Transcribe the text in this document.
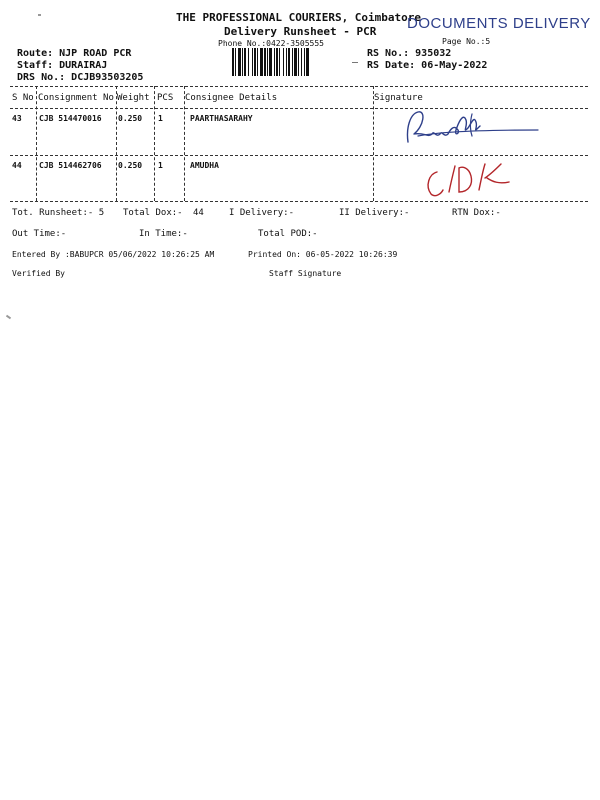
THE PROFESSIONAL COURIERS, Coimbatore
Delivery Runsheet - PCR
Phone No.:0422-3505555
DOCUMENTS DELIVERY
Page No.:5
Route: NJP ROAD PCR
Staff: DURAIRAJ
DRS No.: DCJB93503205
RS No.: 935032
RS Date: 06-May-2022
S No Consignment No Weight PCS Consignee Details	Signature
43 CJB 514470016 0.250 1	PAARTHASARAHY
44 CJB 514462706 0.250 1	AMUDHA
Tot. Runsheet:- 5 Total Dox:- 44	I Delivery:-	II Delivery:-	RTN Dox:-
Out Time:-	In Time:-	Total POD:-
Entered By :BABUPCR 05/06/2022 10:26:25 AM	Printed On: 06-05-2022 10:26:39
Verified By	Staff Signature
